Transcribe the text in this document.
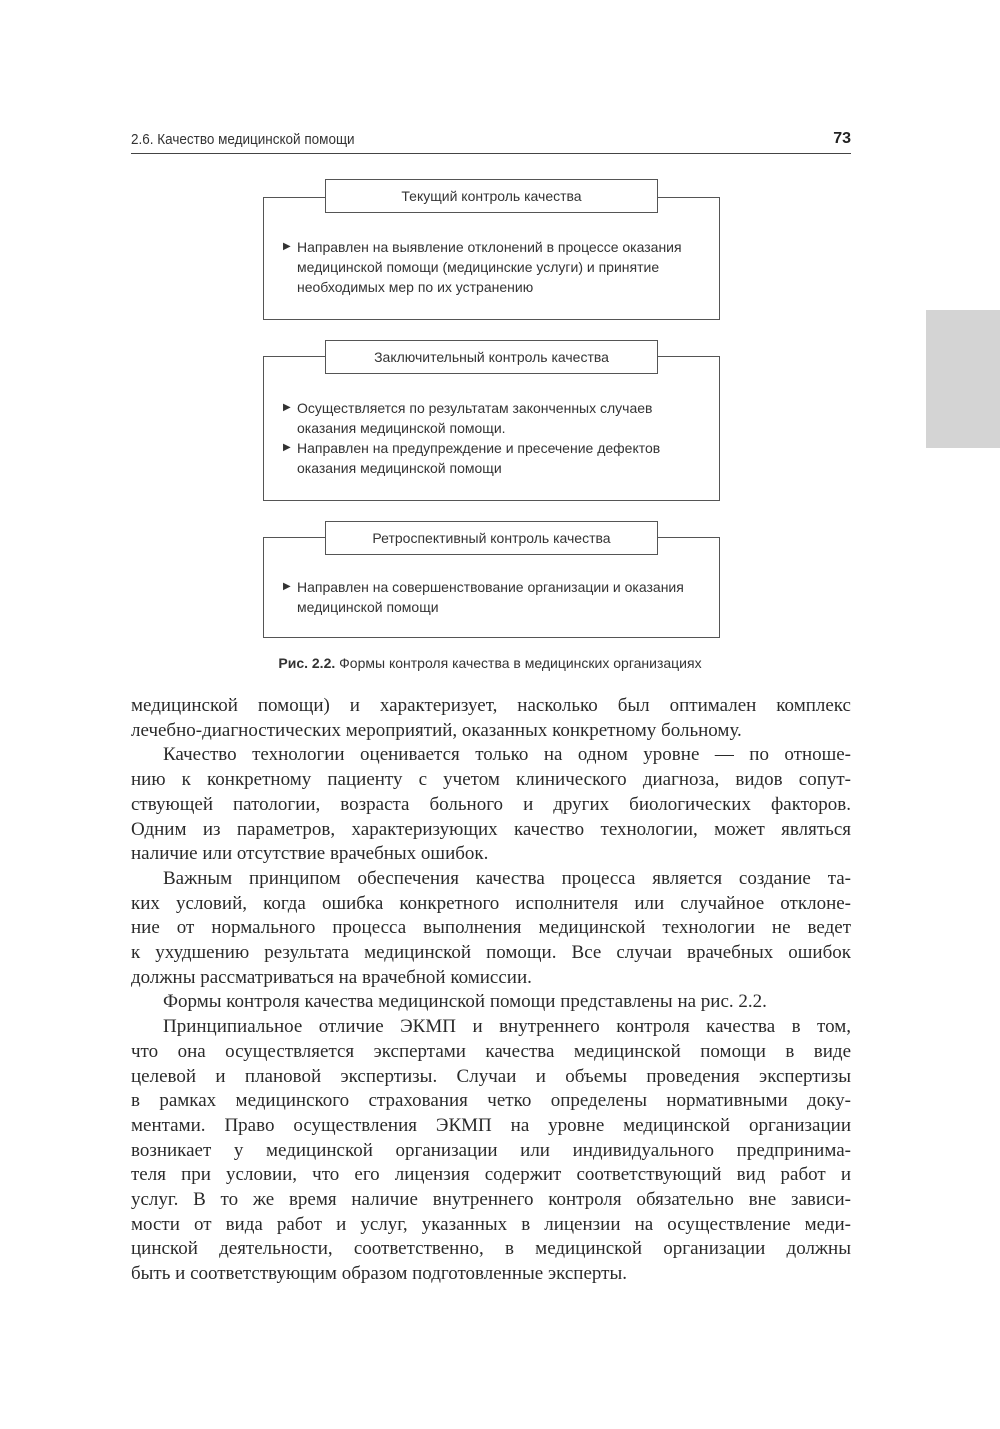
2.6. Качество медицинской помощи	73
Текущий контроль качества
▶ Направлен на выявление отклонений в процессе оказания
медицинской помощи (медицинские услуги) и принятие
необходимых мер по их устранению
Заключительный контроль качества
▶ Осуществляется по результатам законченных случаев
оказания медицинской помощи.
▶ Направлен на предупреждение и пресечение дефектов
оказания медицинской помощи
Ретроспективный контроль качества
▶ Направлен на совершенствование организации и оказания
медицинской помощи
Рис. 2.2. Формы контроля качества в медицинских организациях
медицинской помощи) и характеризует, насколько был оптимален комплекс
лечебно-диагностических мероприятий, оказанных конкретному больному.
Качество технологии оценивается только на одном уровне — по отноше-
нию к конкретному пациенту с учетом клинического диагноза, видов сопут-
ствующей патологии, возраста больного и других биологических факторов.
Одним из параметров, характеризующих качество технологии, может являться
наличие или отсутствие врачебных ошибок.
Важным принципом обеспечения качества процесса является создание та-
ких условий, когда ошибка конкретного исполнителя или случайное отклоне-
ние от нормального процесса выполнения медицинской технологии не ведет
к ухудшению результата медицинской помощи. Все случаи врачебных ошибок
должны рассматриваться на врачебной комиссии.
Формы контроля качества медицинской помощи представлены на рис. 2.2.
Принципиальное отличие ЭКМП и внутреннего контроля качества в том,
что она осуществляется экспертами качества медицинской помощи в виде
целевой и плановой экспертизы. Случаи и объемы проведения экспертизы
в рамках медицинского страхования четко определены нормативными доку-
ментами. Право осуществления ЭКМП на уровне медицинской организации
возникает у медицинской организации или индивидуального предпринима-
теля при условии, что его лицензия содержит соответствующий вид работ и
услуг. В то же время наличие внутреннего контроля обязательно вне зависи-
мости от вида работ и услуг, указанных в лицензии на осуществление меди-
цинской деятельности, соответственно, в медицинской организации должны
быть и соответствующим образом подготовленные эксперты.
